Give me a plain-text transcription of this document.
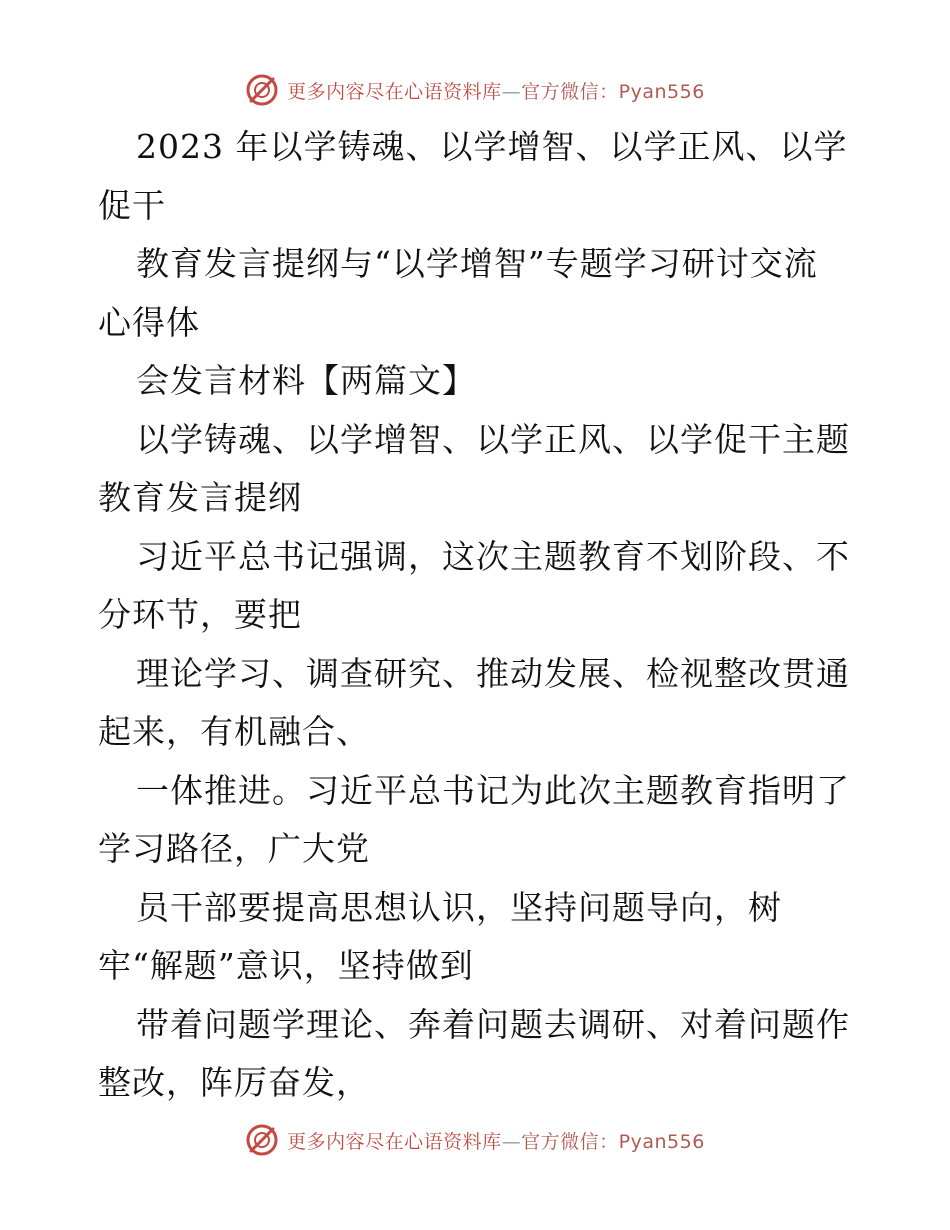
更多内容尽在心语资料库—官方微信：Pyan556
2023 年以学铸魂、以学增智、以学正风、以学
促干
教育发言提纲与“以学增智”专题学习研讨交流
心得体
会发言材料【两篇文】
以学铸魂、以学增智、以学正风、以学促干主题
教育发言提纲
习近平总书记强调，这次主题教育不划阶段、不
分环节，要把
理论学习、调查研究、推动发展、检视整改贯通
起来，有机融合、
一体推进。习近平总书记为此次主题教育指明了
学习路径，广大党
员干部要提高思想认识，坚持问题导向，树
牢“解题”意识，坚持做到
带着问题学理论、奔着问题去调研、对着问题作
整改，阵厉奋发，
更多内容尽在心语资料库—官方微信：Pyan556
